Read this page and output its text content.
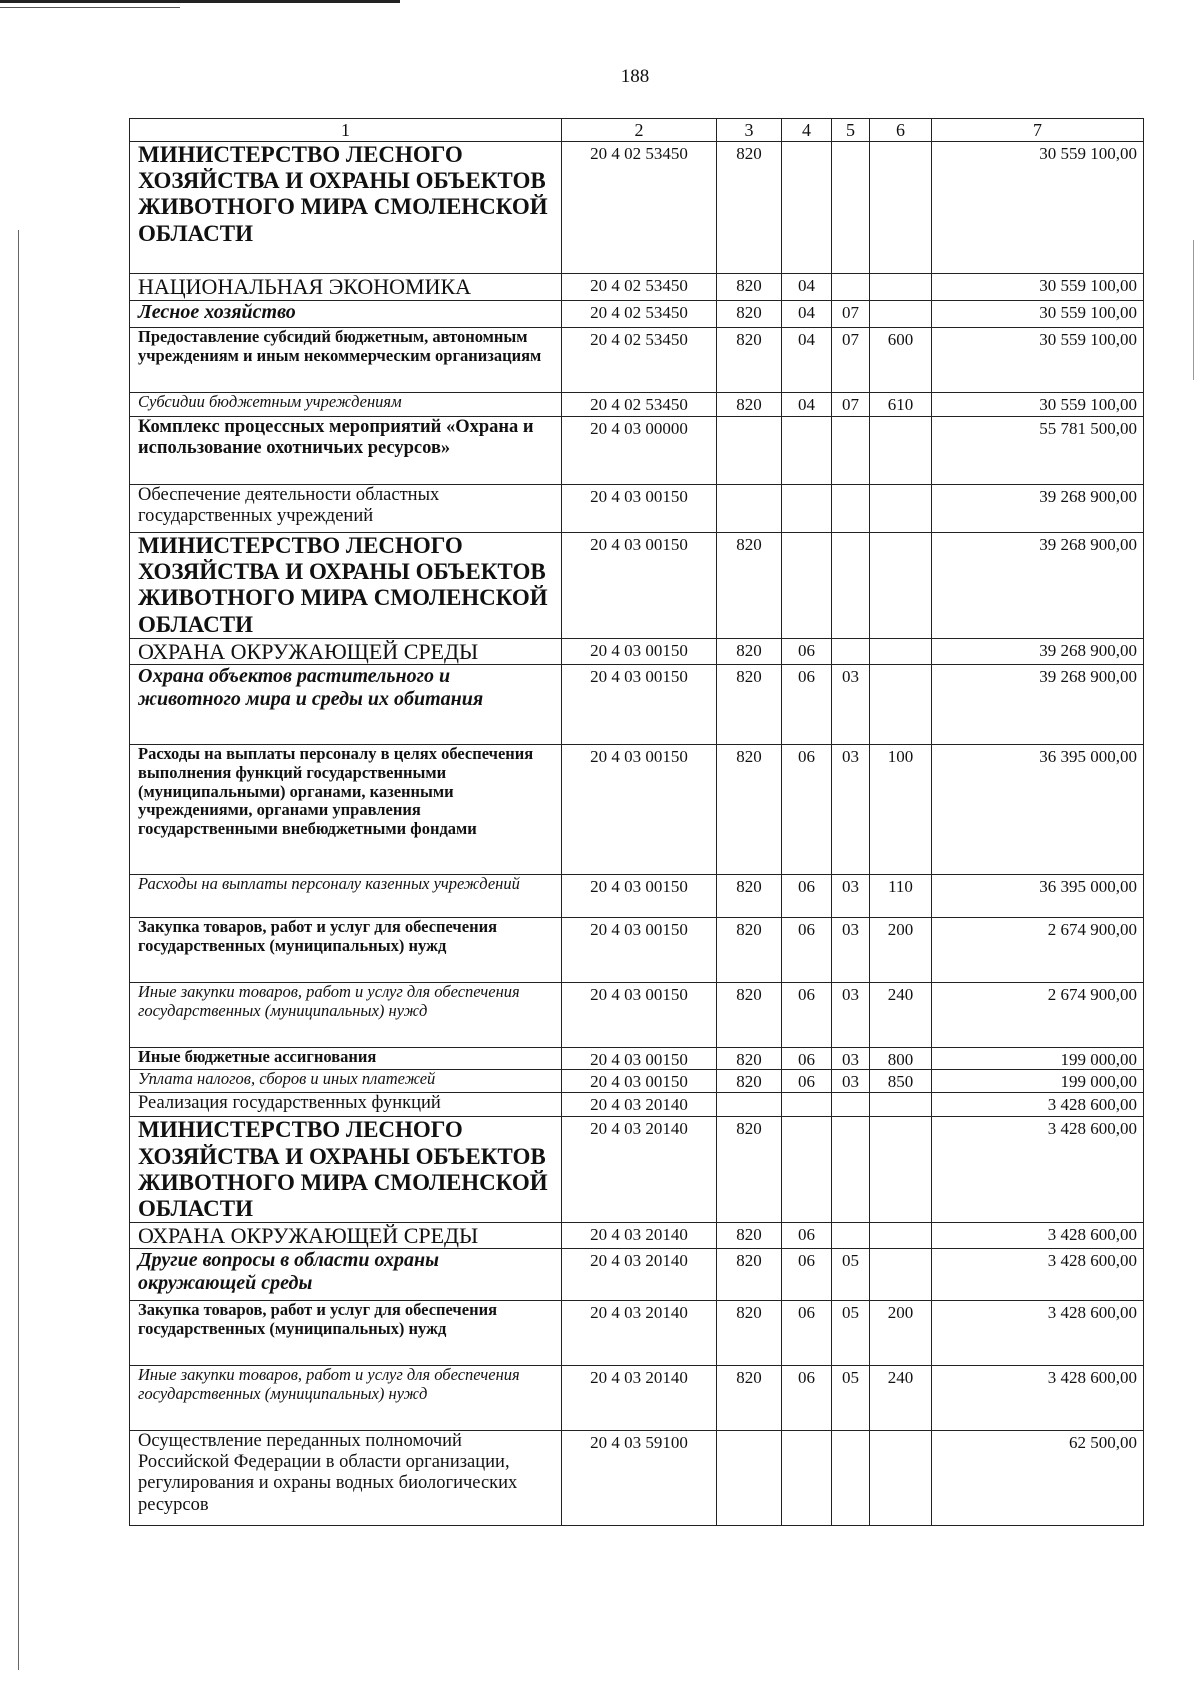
188
1	2	3	4	5	6	7
МИНИСТЕРСТВО ЛЕСНОГО ХОЗЯЙСТВА И ОХРАНЫ ОБЪЕКТОВ ЖИВОТНОГО МИРА СМОЛЕНСКОЙ ОБЛАСТИ	20 4 02 53450	820				30 559 100,00
НАЦИОНАЛЬНАЯ ЭКОНОМИКА	20 4 02 53450	820	04			30 559 100,00
Лесное хозяйство	20 4 02 53450	820	04	07		30 559 100,00
Предоставление субсидий бюджетным, автономным учреждениям и иным некоммерческим организациям	20 4 02 53450	820	04	07	600	30 559 100,00
Субсидии бюджетным учреждениям	20 4 02 53450	820	04	07	610	30 559 100,00
Комплекс процессных мероприятий «Охрана и использование охотничьих ресурсов»	20 4 03 00000					55 781 500,00
Обеспечение деятельности областных государственных учреждений	20 4 03 00150					39 268 900,00
МИНИСТЕРСТВО ЛЕСНОГО ХОЗЯЙСТВА И ОХРАНЫ ОБЪЕКТОВ ЖИВОТНОГО МИРА СМОЛЕНСКОЙ ОБЛАСТИ	20 4 03 00150	820				39 268 900,00
ОХРАНА ОКРУЖАЮЩЕЙ СРЕДЫ	20 4 03 00150	820	06			39 268 900,00
Охрана объектов растительного и животного мира и среды их обитания	20 4 03 00150	820	06	03		39 268 900,00
Расходы на выплаты персоналу в целях обеспечения выполнения функций государственными (муниципальными) органами, казенными учреждениями, органами управления государственными внебюджетными фондами	20 4 03 00150	820	06	03	100	36 395 000,00
Расходы на выплаты персоналу казенных учреждений	20 4 03 00150	820	06	03	110	36 395 000,00
Закупка товаров, работ и услуг для обеспечения государственных (муниципальных) нужд	20 4 03 00150	820	06	03	200	2 674 900,00
Иные закупки товаров, работ и услуг для обеспечения государственных (муниципальных) нужд	20 4 03 00150	820	06	03	240	2 674 900,00
Иные бюджетные ассигнования	20 4 03 00150	820	06	03	800	199 000,00
Уплата налогов, сборов и иных платежей	20 4 03 00150	820	06	03	850	199 000,00
Реализация государственных функций	20 4 03 20140					3 428 600,00
МИНИСТЕРСТВО ЛЕСНОГО ХОЗЯЙСТВА И ОХРАНЫ ОБЪЕКТОВ ЖИВОТНОГО МИРА СМОЛЕНСКОЙ ОБЛАСТИ	20 4 03 20140	820				3 428 600,00
ОХРАНА ОКРУЖАЮЩЕЙ СРЕДЫ	20 4 03 20140	820	06			3 428 600,00
Другие вопросы в области охраны окружающей среды	20 4 03 20140	820	06	05		3 428 600,00
Закупка товаров, работ и услуг для обеспечения государственных (муниципальных) нужд	20 4 03 20140	820	06	05	200	3 428 600,00
Иные закупки товаров, работ и услуг для обеспечения государственных (муниципальных) нужд	20 4 03 20140	820	06	05	240	3 428 600,00
Осуществление переданных полномочий Российской Федерации в области организации, регулирования и охраны водных биологических ресурсов	20 4 03 59100					62 500,00
